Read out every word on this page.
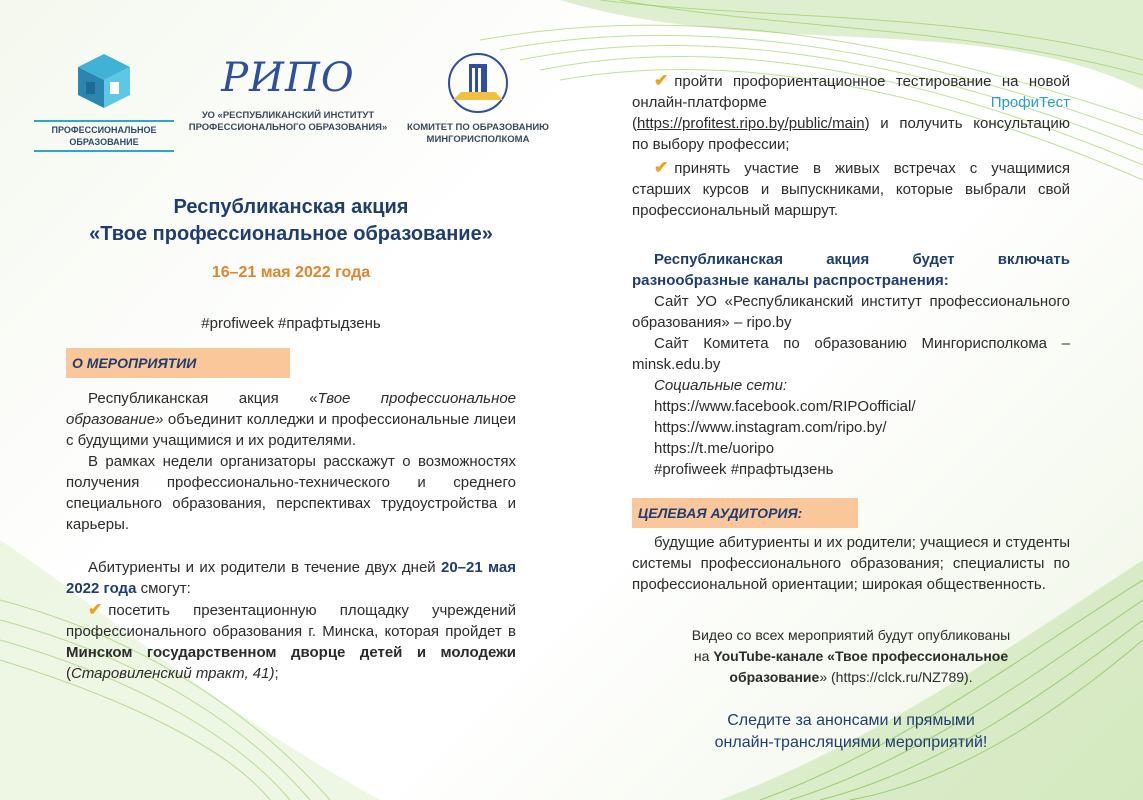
ПРОФЕССИОНАЛЬНОЕ ОБРАЗОВАНИЕ
РИПО
УО «РЕСПУБЛИКАНСКИЙ ИНСТИТУТ ПРОФЕССИОНАЛЬНОГО ОБРАЗОВАНИЯ»	КОМИТЕТ ПО ОБРАЗОВАНИЮ МИНГОРИСПОЛКОМА
Республиканская акция
«Твое профессиональное образование»
16–21 мая 2022 года
#profiweek #прафтыдзень
О МЕРОПРИЯТИИ

Республиканская акция «Твое профессиональное образование» объединит колледжи и профессиональные лицеи с будущими учащимися и их родителями.

В рамках недели организаторы расскажут о возможностях получения профессионально-технического и среднего специального образования, перспективах трудоустройства и карьеры.

Абитуриенты и их родители в течение двух дней 20–21 мая 2022 года смогут:

✔ посетить презентационную площадку учреждений профессионального образования г. Минска, которая пройдет в Минском государственном дворце детей и молодежи (Старовиленский тракт, 41);

✔ пройти профориентационное тестирование на новой онлайн-платформе ПрофиТест (https://profitest.ripo.by/public/main) и получить консультацию по выбору профессии;

✔ принять участие в живых встречах с учащимися старших курсов и выпускниками, которые выбрали свой профессиональный маршрут.

Республиканская акция будет включать разнообразные каналы распространения:

Сайт УО «Республиканский институт профессионального образования» – ripo.by

Сайт Комитета по образованию Мингорисполкома – minsk.edu.by

Социальные сети:

https://www.facebook.com/RIPOofficial/

https://www.instagram.com/ripo.by/

https://t.me/uoripo

#profiweek #прафтыдзень

ЦЕЛЕВАЯ АУДИТОРИЯ:

будущие абитуриенты и их родители; учащиеся и студенты системы профессионального образования; специалисты по профессиональной ориентации; широкая общественность.

Видео со всех мероприятий будут опубликованы

на YouTube-канале «Твое профессиональное

образование» (https://clck.ru/NZ789).

Следите за анонсами и прямыми

онлайн-трансляциями мероприятий!
